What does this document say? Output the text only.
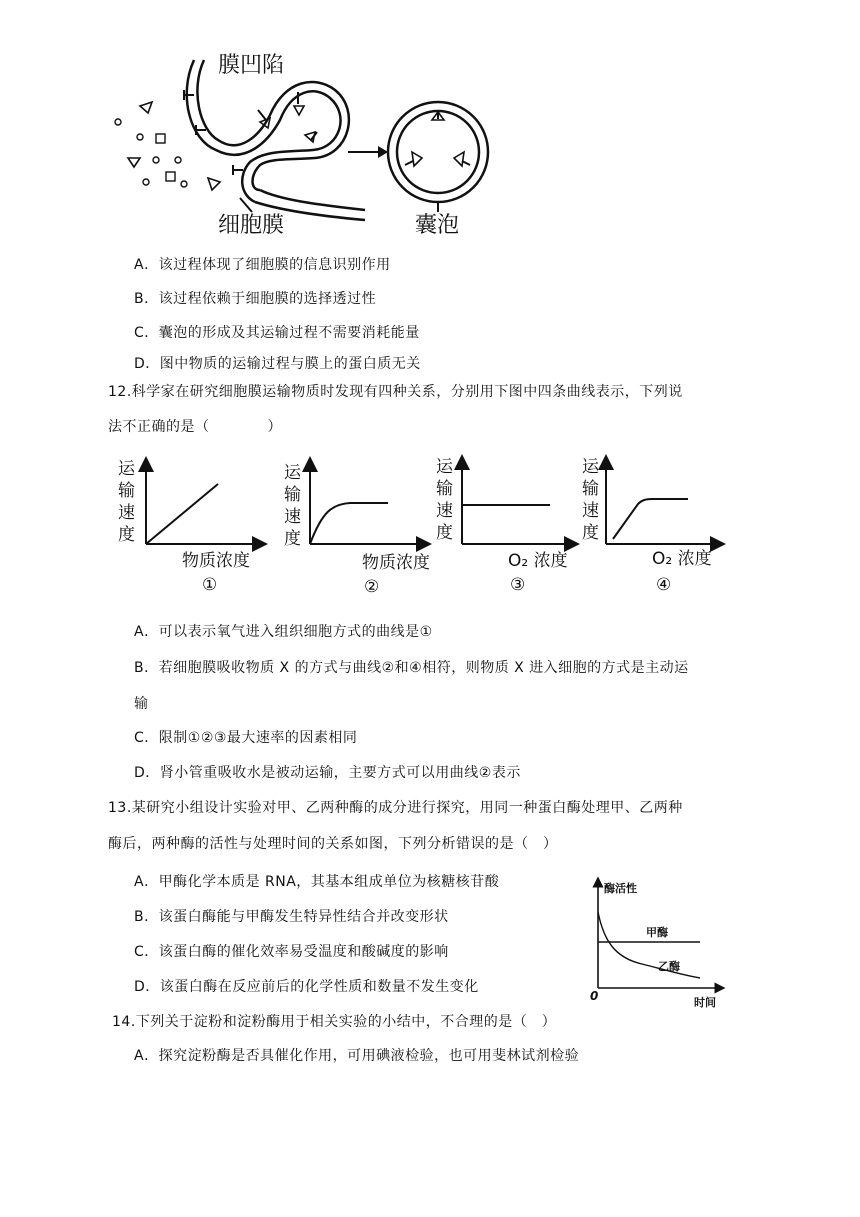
膜凹陷
细胞膜	囊泡
A．该过程体现了细胞膜的信息识别作用
B．该过程依赖于细胞膜的选择透过性
C．囊泡的形成及其运输过程不需要消耗能量
D．图中物质的运输过程与膜上的蛋白质无关
12.科学家在研究细胞膜运输物质时发现有四种关系，分别用下图中四条曲线表示，下列说
法不正确的是（　　　　）
运
输
速
度
物质浓度
①
运
输
速
度
物质浓度
②
运
输
速
度
O₂ 浓度
③
运
输
速
度
O₂ 浓度
④
A．可以表示氧气进入组织细胞方式的曲线是①
B．若细胞膜吸收物质 X 的方式与曲线②和④相符，则物质 X 进入细胞的方式是主动运
输
C．限制①②③最大速率的因素相同
D．肾小管重吸收水是被动运输，主要方式可以用曲线②表示
13.某研究小组设计实验对甲、乙两种酶的成分进行探究，用同一种蛋白酶处理甲、乙两种
酶后，两种酶的活性与处理时间的关系如图，下列分析错误的是（　）
A．甲酶化学本质是 RNA，其基本组成单位为核糖核苷酸
B．该蛋白酶能与甲酶发生特异性结合并改变形状
C．该蛋白酶的催化效率易受温度和酸碱度的影响
D．该蛋白酶在反应前后的化学性质和数量不发生变化
酶活性
甲酶
乙酶
0	时间
14.下列关于淀粉和淀粉酶用于相关实验的小结中，不合理的是（　）
A．探究淀粉酶是否具催化作用，可用碘液检验，也可用斐林试剂检验
